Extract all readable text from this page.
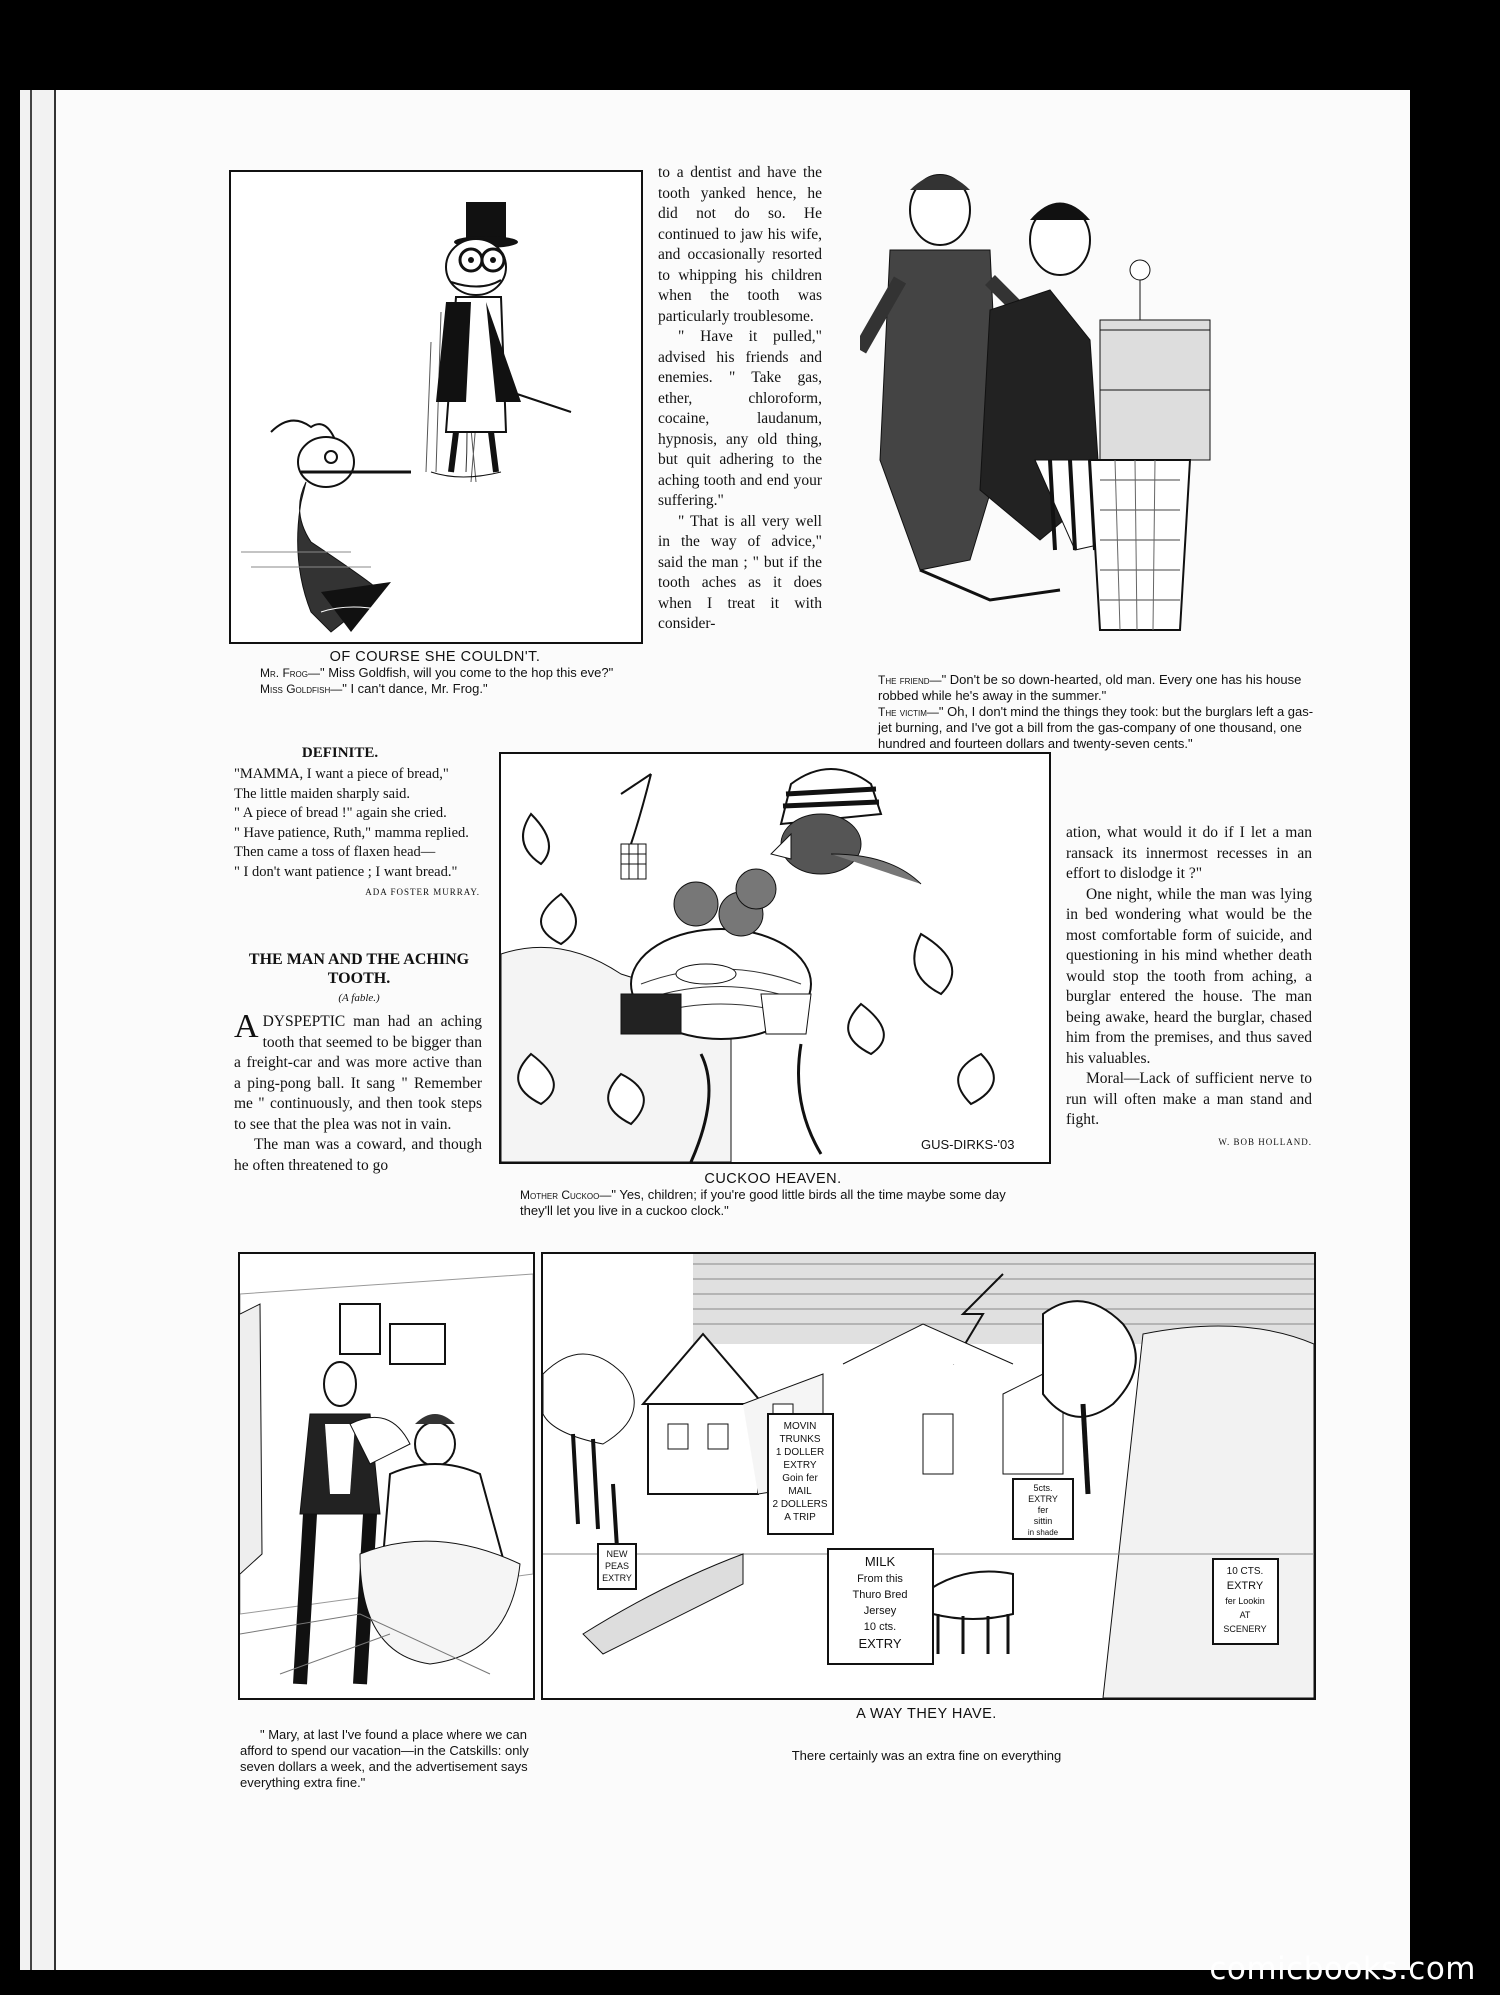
OF COURSE SHE COULDN'T.
Mr. Frog—" Miss Goldfish, will you come to the hop this eve?"
Miss Goldfish—" I can't dance, Mr. Frog."

to a dentist and have the tooth yanked hence, he did not do so. He continued to jaw his wife, and occasionally resorted to whipping his children when the tooth was particularly troublesome.

" Have it pulled," advised his friends and enemies. " Take gas, ether, chloroform, cocaine, laudanum, hypnosis, any old thing, but quit adhering to the aching tooth and end your suffering."

" That is all very well in the way of advice," said the man ; " but if the tooth aches as it does when I treat it with consider-

The friend—" Don't be so down-hearted, old man. Every one has his house robbed while he's away in the summer."
The victim—" Oh, I don't mind the things they took: but the burglars left a gas-jet burning, and I've got a bill from the gas-company of one thousand, one hundred and fourteen dollars and twenty-seven cents."
DEFINITE.

"MAMMA, I want a piece of bread,"

The little maiden sharply said.

" A piece of bread !" again she cried.

" Have patience, Ruth," mamma replied.

Then came a toss of flaxen head—

" I don't want patience ; I want bread."

ADA FOSTER MURRAY.

THE MAN AND THE ACHING TOOTH.
(A fable.)

ADYSPEPTIC man had an aching tooth that seemed to be bigger than a freight-car and was more active than a ping-pong ball. It sang " Remember me " continuously, and then took steps to see that the plea was not in vain.

The man was a coward, and though he often threatened to go

GUS-DIRKS-'03
CUCKOO HEAVEN.
Mother Cuckoo—" Yes, children; if you're good little birds all the time maybe some day they'll let you live in a cuckoo clock."

ation, what would it do if I let a man ransack its innermost recesses in an effort to dislodge it ?"

One night, while the man was lying in bed wondering what would be the most comfortable form of suicide, and questioning in his mind whether death would stop the tooth from aching, a burglar entered the house. The man being awake, heard the burglar, chased him from the premises, and thus saved his valuables.

Moral—Lack of sufficient nerve to run will often make a man stand and fight.

W. BOB HOLLAND.

" Mary, at last I've found a place where we can afford to spend our vacation—in the Catskills: only seven dollars a week, and the advertisement says everything extra fine."
MOVIN
TRUNKS
1 DOLLER
EXTRY
Goin fer
MAIL
2 DOLLERS
A TRIP
MILK
From this
Thuro Bred
Jersey
10 cts.
EXTRY
NEW
PEAS
EXTRY
5cts.
EXTRY
fer
sittin
in shade
10 CTS.
EXTRY
fer Lookin
AT
SCENERY
A WAY THEY HAVE.
There certainly was an extra fine on everything
comicbooks.com
